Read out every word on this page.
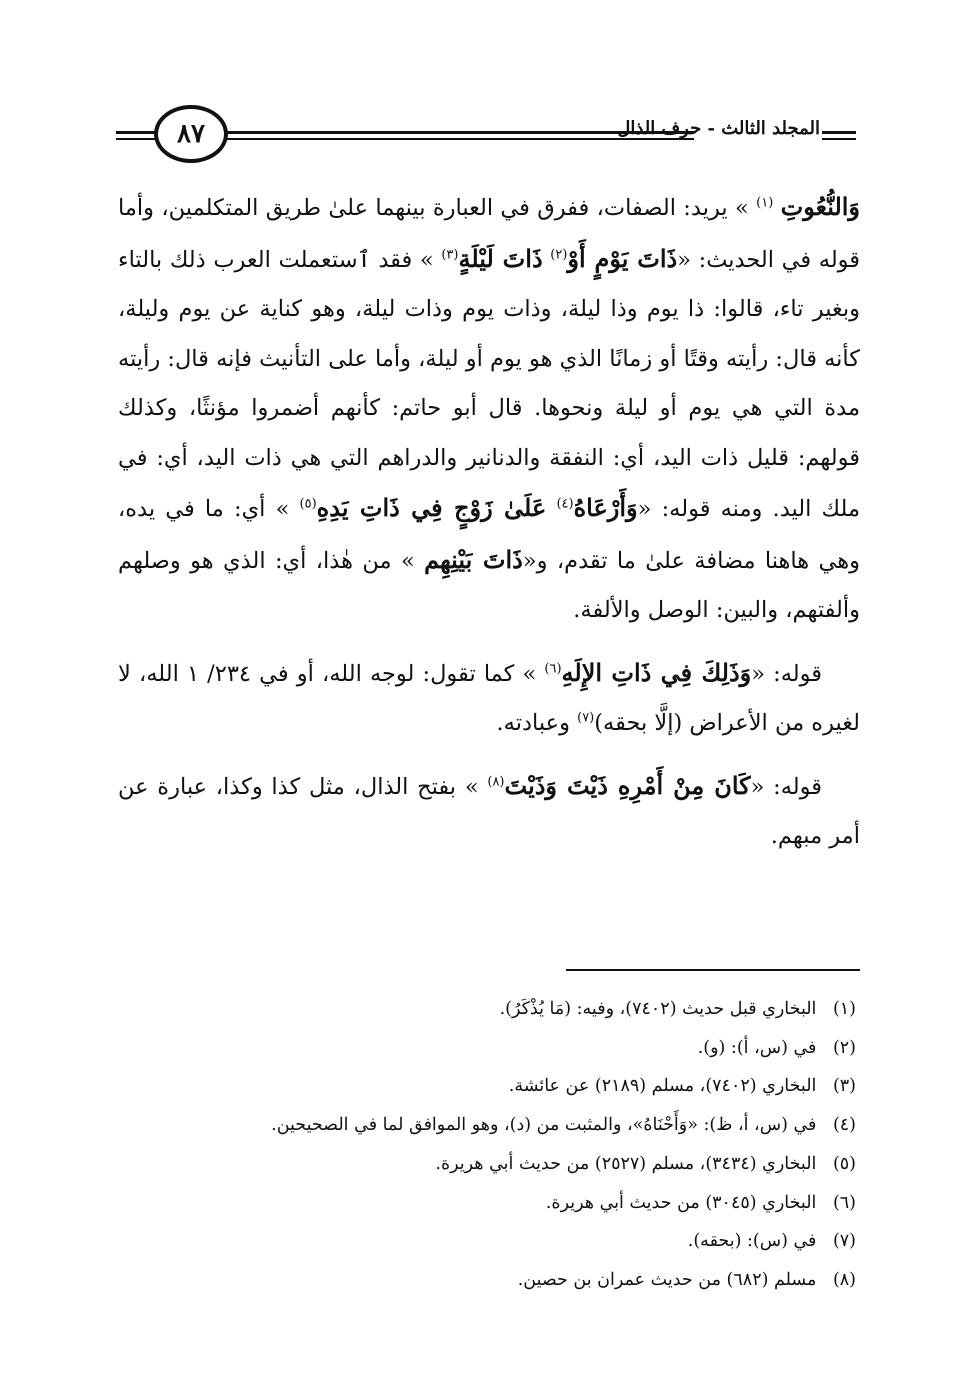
٨٧	المجلد الثالث - حرف الذال

وَالنُّعُوتِ $^{(١)}$ » يريد: الصفات، ففرق في العبارة بينهما علىٰ طريق المتكلمين، وأما قوله في الحديث: «ذَاتَ يَوْمٍ أَوْ$^{(٢)}$ ذَاتَ لَيْلَةٍ$^{(٣)}$ » فقد ٱستعملت العرب ذلك بالتاء وبغير تاء، قالوا: ذا يوم وذا ليلة، وذات يوم وذات ليلة، وهو كناية عن يوم وليلة، كأنه قال: رأيته وقتًا أو زمانًا الذي هو يوم أو ليلة، وأما على التأنيث فإنه قال: رأيته مدة التي هي يوم أو ليلة ونحوها. قال أبو حاتم: كأنهم أضمروا مؤنثًا، وكذلك قولهم: قليل ذات اليد، أي: النفقة والدنانير والدراهم التي هي ذات اليد، أي: في ملك اليد. ومنه قوله: «وَأَرْعَاهُ$^{(٤)}$ عَلَىٰ زَوْجٍ فِي ذَاتِ يَدِهِ$^{(٥)}$ » أي: ما في يده، وهي هاهنا مضافة علىٰ ما تقدم، و«ذَاتَ بَيْنِهِم » من هٰذا، أي: الذي هو وصلهم وألفتهم، والبين: الوصل والألفة.

قوله: «وَذَلِكَ فِي ذَاتِ الإِلَهِ$^{(٦)}$ » كما تقول: لوجه الله، أو في ٢٣٤/ ١ الله، لا لغيره من الأعراض (إلَّا بحقه)$^{(٧)}$ وعبادته.

قوله: «كَانَ مِنْ أَمْرِهِ ذَيْتَ وَذَيْتَ$^{(٨)}$ » بفتح الذال، مثل كذا وكذا، عبارة عن أمر مبهم.

(١) البخاري قبل حديث (٧٤٠٢)، وفيه: (مَا يُذْكَرُ).
(٢) في (س، أ): (و).
(٣) البخاري (٧٤٠٢)، مسلم (٢١٨٩) عن عائشة.
(٤) في (س، أ، ظ): «وَأَحْنَاهُ»، والمثبت من (د)، وهو الموافق لما في الصحيحين.
(٥) البخاري (٣٤٣٤)، مسلم (٢٥٢٧) من حديث أبي هريرة.
(٦) البخاري (٣٠٤٥) من حديث أبي هريرة.
(٧) في (س): (بحقه).
(٨) مسلم (٦٨٢) من حديث عمران بن حصين.
